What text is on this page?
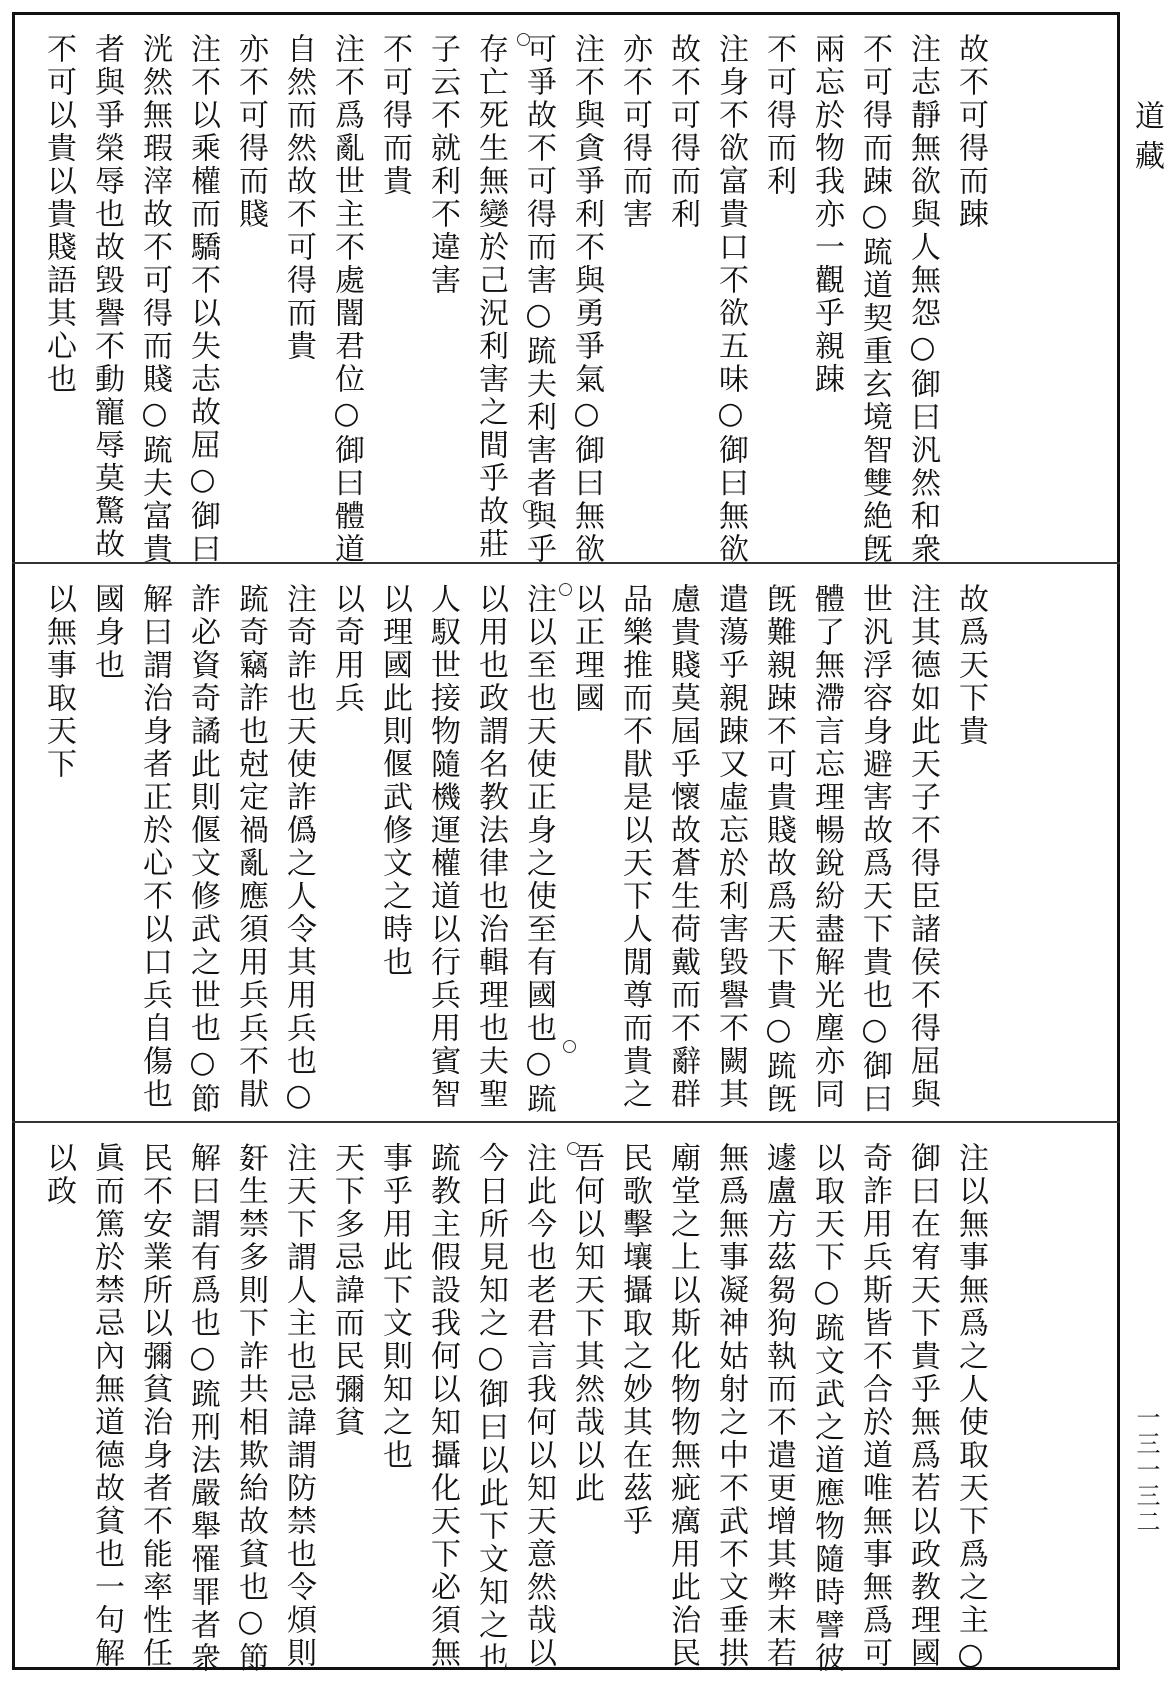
道藏
一三一三二
故不可得而踈
注志靜無欲與人無怨○御曰汎然和衆
不可得而踈○䟽道契重玄境智雙絶旣
兩忘於物我亦一觀乎親踈
不可得而利
注身不欲富貴口不欲五味○御曰無欲
故不可得而利
亦不可得而害
注不與貪爭利不與勇爭氣○御曰無欲
可爭故不可得而害○䟽夫利害者與乎
存亡死生無變於己況利害之間乎故莊
子云不就利不違害
不可得而貴
注不爲亂世主不處闇君位○御曰體道
自然而然故不可得而貴
亦不可得而賤
注不以乘權而驕不以失志故屈○御曰
洸然無瑕滓故不可得而賤○䟽夫富貴
者與爭榮辱也故毀譽不動寵辱莫驚故
不可以貴以貴賤語其心也
故爲天下貴
注其德如此天子不得臣諸侯不得屈與
世汎浮容身避害故爲天下貴也○御曰
體了無滯言忘理暢銳紛盡解光塵亦同
旣難親踈不可貴賤故爲天下貴○䟽旣
遣蕩乎親踈又虛忘於利害毀譽不闕其
慮貴賤莫屆乎懷故蒼生荷戴而不辭群
品樂推而不猒是以天下人閒尊而貴之
以正理國
注以至也天使正身之使至有國也○䟽
以用也政謂名教法律也治輯理也夫聖
人馭世接物隨機運權道以行兵用賓智
以理國此則偃武修文之時也
以奇用兵
注奇詐也天使詐僞之人令其用兵也○
䟽奇竊詐也尅定禍亂應須用兵兵不猒
詐必資奇譎此則偃文修武之世也○節
解曰謂治身者正於心不以口兵自傷也
國身也
以無事取天下
注以無事無爲之人使取天下爲之主○
御曰在宥天下貴乎無爲若以政教理國
奇詐用兵斯皆不合於道唯無事無爲可
以取天下○䟽文武之道應物隨時譬彼
遽盧方茲芻狗執而不遣更增其弊末若
無爲無事凝神姑射之中不武不文垂拱
廟堂之上以斯化物物無疵癘用此治民
民歌擊壤攝取之妙其在茲乎
吾何以知天下其然哉以此
注此今也老君言我何以知天意然哉以
今日所見知之○御曰以此下文知之也
䟽教主假設我何以知攝化天下必須無
事乎用此下文則知之也
天下多忌諱而民彌貧
注天下謂人主也忌諱謂防禁也令煩則
姧生禁多則下詐共相欺紿故貧也○節
解曰謂有爲也○䟽刑法嚴舉罹罪者衆
民不安業所以彌貧治身者不能率性任
眞而篤於禁忌內無道德故貧也一句解
以政
